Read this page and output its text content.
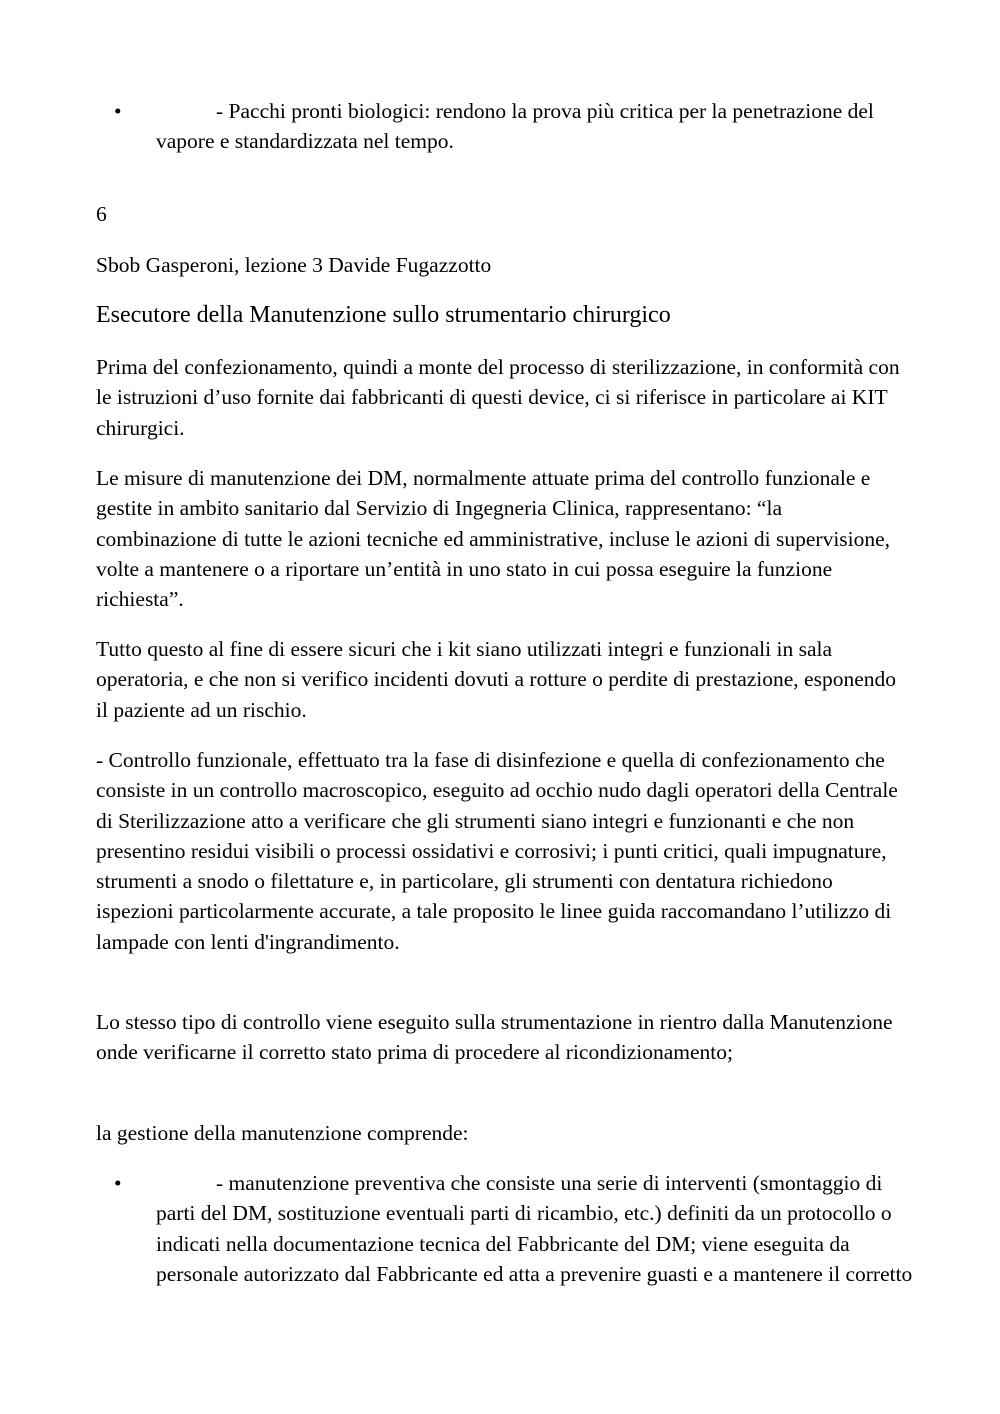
•	- Pacchi pronti biologici: rendono la prova più critica per la penetrazione del vapore e standardizzata nel tempo.
6
Sbob Gasperoni, lezione 3 Davide Fugazzotto
Esecutore della Manutenzione sullo strumentario chirurgico
Prima del confezionamento, quindi a monte del processo di sterilizzazione, in conformità con le istruzioni d’uso fornite dai fabbricanti di questi device, ci si riferisce in particolare ai KIT chirurgici.
Le misure di manutenzione dei DM, normalmente attuate prima del controllo funzionale e gestite in ambito sanitario dal Servizio di Ingegneria Clinica, rappresentano: “la combinazione di tutte le azioni tecniche ed amministrative, incluse le azioni di supervisione, volte a mantenere o a riportare un’entità in uno stato in cui possa eseguire la funzione richiesta”.
Tutto questo al fine di essere sicuri che i kit siano utilizzati integri e funzionali in sala operatoria, e che non si verifico incidenti dovuti a rotture o perdite di prestazione, esponendo il paziente ad un rischio.
- Controllo funzionale, effettuato tra la fase di disinfezione e quella di confezionamento che consiste in un controllo macroscopico, eseguito ad occhio nudo dagli operatori della Centrale di Sterilizzazione atto a verificare che gli strumenti siano integri e funzionanti e che non presentino residui visibili o processi ossidativi e corrosivi; i punti critici, quali impugnature, strumenti a snodo o filettature e, in particolare, gli strumenti con dentatura richiedono ispezioni particolarmente accurate, a tale proposito le linee guida raccomandano l’utilizzo di lampade con lenti d'ingrandimento.
Lo stesso tipo di controllo viene eseguito sulla strumentazione in rientro dalla Manutenzione onde verificarne il corretto stato prima di procedere al ricondizionamento;
la gestione della manutenzione comprende:
•	- manutenzione preventiva che consiste una serie di interventi (smontaggio di parti del DM, sostituzione eventuali parti di ricambio, etc.) definiti da un protocollo o indicati nella documentazione tecnica del Fabbricante del DM; viene eseguita da personale autorizzato dal Fabbricante ed atta a prevenire guasti e a mantenere il corretto
